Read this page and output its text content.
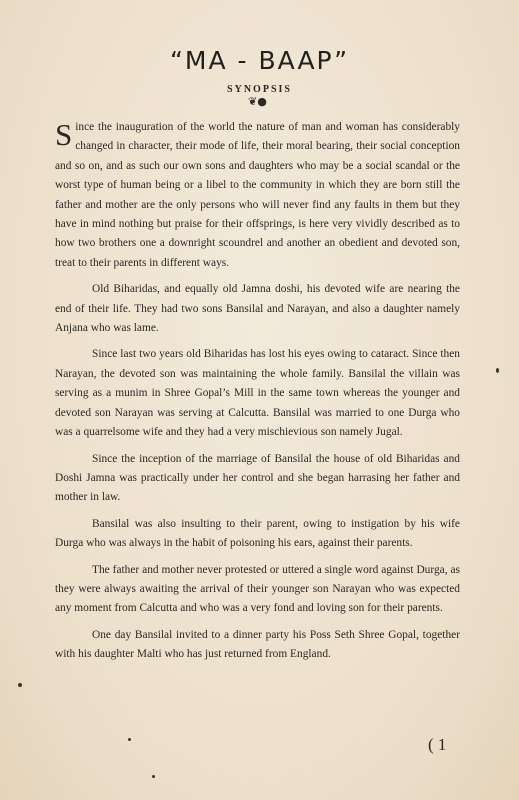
“MA - BAAP”
SYNOPSIS
❦●

Since the inauguration of the world the nature of man and woman has considerably changed in character, their mode of life, their moral bearing, their social conception and so on, and as such our own sons and daughters who may be a social scandal or the worst type of human being or a libel to the community in which they are born still the father and mother are the only persons who will never find any faults in them but they have in mind nothing but praise for their offsprings, is here very vividly described as to how two brothers one a downright scoundrel and another an obedient and devoted son, treat to their parents in different ways.

Old Biharidas, and equally old Jamna doshi, his devoted wife are nearing the end of their life. They had two sons Bansilal and Narayan, and also a daughter namely Anjana who was lame.

Since last two years old Biharidas has lost his eyes owing to cataract. Since then Narayan, the devoted son was maintaining the whole family. Bansilal the villain was serving as a munim in Shree Gopal’s Mill in the same town whereas the younger and devoted son Narayan was serving at Calcutta. Bansilal was married to one Durga who was a quarrelsome wife and they had a very mischievious son namely Jugal.

Since the inception of the marriage of Bansilal the house of old Biharidas and Doshi Jamna was practically under her control and she began harrasing her father and mother in law.

Bansilal was also insulting to their parent, owing to instigation by his wife Durga who was always in the habit of poisoning his ears, against their parents.

The father and mother never protested or uttered a single word against Durga, as they were always awaiting the arrival of their younger son Narayan who was expected any moment from Calcutta and who was a very fond and loving son for their parents.

One day Bansilal invited to a dinner party his Poss Seth Shree Gopal, together with his daughter Malti who has just returned from England.

( 1
